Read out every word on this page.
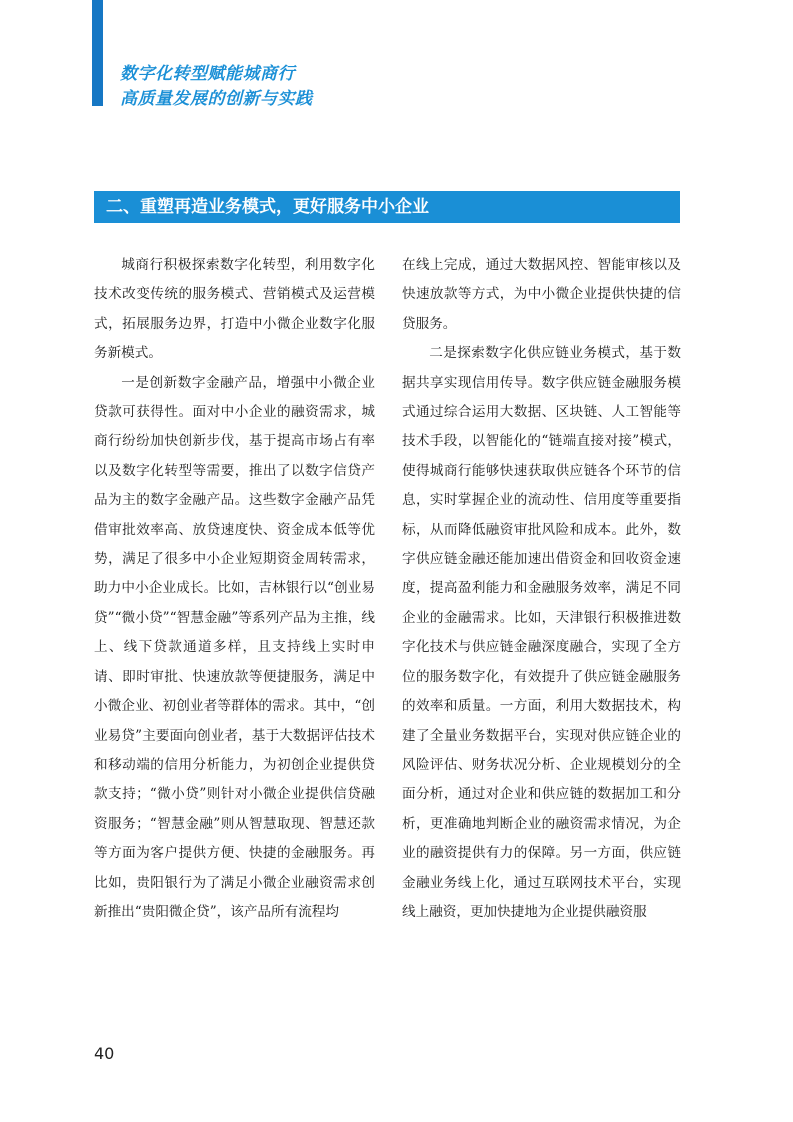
数字化转型赋能城商行
高质量发展的创新与实践
二、重塑再造业务模式，更好服务中小企业

城商行积极探索数字化转型，利用数字化技术改变传统的服务模式、营销模式及运营模式，拓展服务边界，打造中小微企业数字化服务新模式。

一是创新数字金融产品，增强中小微企业贷款可获得性。面对中小企业的融资需求，城商行纷纷加快创新步伐，基于提高市场占有率以及数字化转型等需要，推出了以数字信贷产品为主的数字金融产品。这些数字金融产品凭借审批效率高、放贷速度快、资金成本低等优势，满足了很多中小企业短期资金周转需求，助力中小企业成长。比如，吉林银行以“创业易贷”“微小贷”“智慧金融”等系列产品为主推，线上、线下贷款通道多样，且支持线上实时申请、即时审批、快速放款等便捷服务，满足中小微企业、初创业者等群体的需求。其中，“创业易贷”主要面向创业者，基于大数据评估技术和移动端的信用分析能力，为初创企业提供贷款支持；“微小贷”则针对小微企业提供信贷融资服务；“智慧金融”则从智慧取现、智慧还款等方面为客户提供方便、快捷的金融服务。再比如，贵阳银行为了满足小微企业融资需求创新推出“贵阳微企贷”，该产品所有流程均

在线上完成，通过大数据风控、智能审核以及快速放款等方式，为中小微企业提供快捷的信贷服务。

二是探索数字化供应链业务模式，基于数据共享实现信用传导。数字供应链金融服务模式通过综合运用大数据、区块链、人工智能等技术手段，以智能化的“链端直接对接”模式，使得城商行能够快速获取供应链各个环节的信息，实时掌握企业的流动性、信用度等重要指标，从而降低融资审批风险和成本。此外，数字供应链金融还能加速出借资金和回收资金速度，提高盈利能力和金融服务效率，满足不同企业的金融需求。比如，天津银行积极推进数字化技术与供应链金融深度融合，实现了全方位的服务数字化，有效提升了供应链金融服务的效率和质量。一方面，利用大数据技术，构建了全量业务数据平台，实现对供应链企业的风险评估、财务状况分析、企业规模划分的全面分析，通过对企业和供应链的数据加工和分析，更准确地判断企业的融资需求情况，为企业的融资提供有力的保障。另一方面，供应链金融业务线上化，通过互联网技术平台，实现线上融资，更加快捷地为企业提供融资服

40
